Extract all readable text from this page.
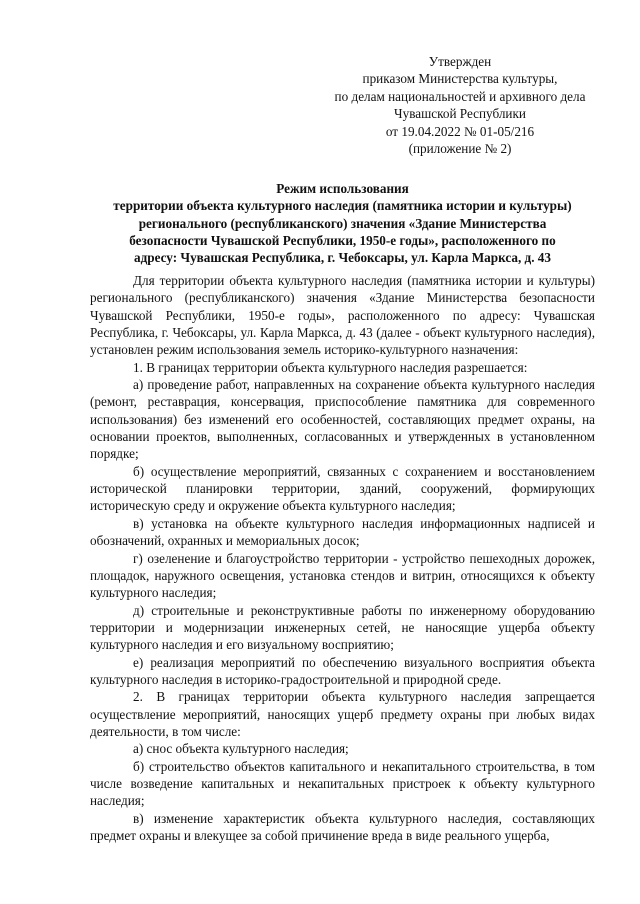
Утвержден
приказом Министерства культуры,
по делам национальностей и архивного дела
Чувашской Республики
от 19.04.2022 № 01-05/216
(приложение № 2)
Режим использования
территории объекта культурного наследия (памятника истории и культуры)
регионального (республиканского) значения «Здание Министерства
безопасности Чувашской Республики, 1950-е годы», расположенного по
адресу: Чувашская Республика, г. Чебоксары, ул. Карла Маркса, д. 43

Для территории объекта культурного наследия (памятника истории и культуры) регионального (республиканского) значения «Здание Министерства безопасности Чувашской Республики, 1950-е годы», расположенного по адресу: Чувашская Республика, г. Чебоксары, ул. Карла Маркса, д. 43 (далее - объект культурного наследия), установлен режим использования земель историко-культурного назначения:

1. В границах территории объекта культурного наследия разрешается:

а) проведение работ, направленных на сохранение объекта культурного наследия (ремонт, реставрация, консервация, приспособление памятника для современного использования) без изменений его особенностей, составляющих предмет охраны, на основании проектов, выполненных, согласованных и утвержденных в установленном порядке;

б) осуществление мероприятий, связанных с сохранением и восстановлением исторической планировки территории, зданий, сооружений, формирующих историческую среду и окружение объекта культурного наследия;

в) установка на объекте культурного наследия информационных надписей и обозначений, охранных и мемориальных досок;

г) озеленение и благоустройство территории - устройство пешеходных дорожек, площадок, наружного освещения, установка стендов и витрин, относящихся к объекту культурного наследия;

д) строительные и реконструктивные работы по инженерному оборудованию территории и модернизации инженерных сетей, не наносящие ущерба объекту культурного наследия и его визуальному восприятию;

е) реализация мероприятий по обеспечению визуального восприятия объекта культурного наследия в историко-градостроительной и природной среде.

2. В границах территории объекта культурного наследия запрещается осуществление мероприятий, наносящих ущерб предмету охраны при любых видах деятельности, в том числе:

а) снос объекта культурного наследия;

б) строительство объектов капитального и некапитального строительства, в том числе возведение капитальных и некапитальных пристроек к объекту культурного наследия;

в) изменение характеристик объекта культурного наследия, составляющих предмет охраны и влекущее за собой причинение вреда в виде реального ущерба,
